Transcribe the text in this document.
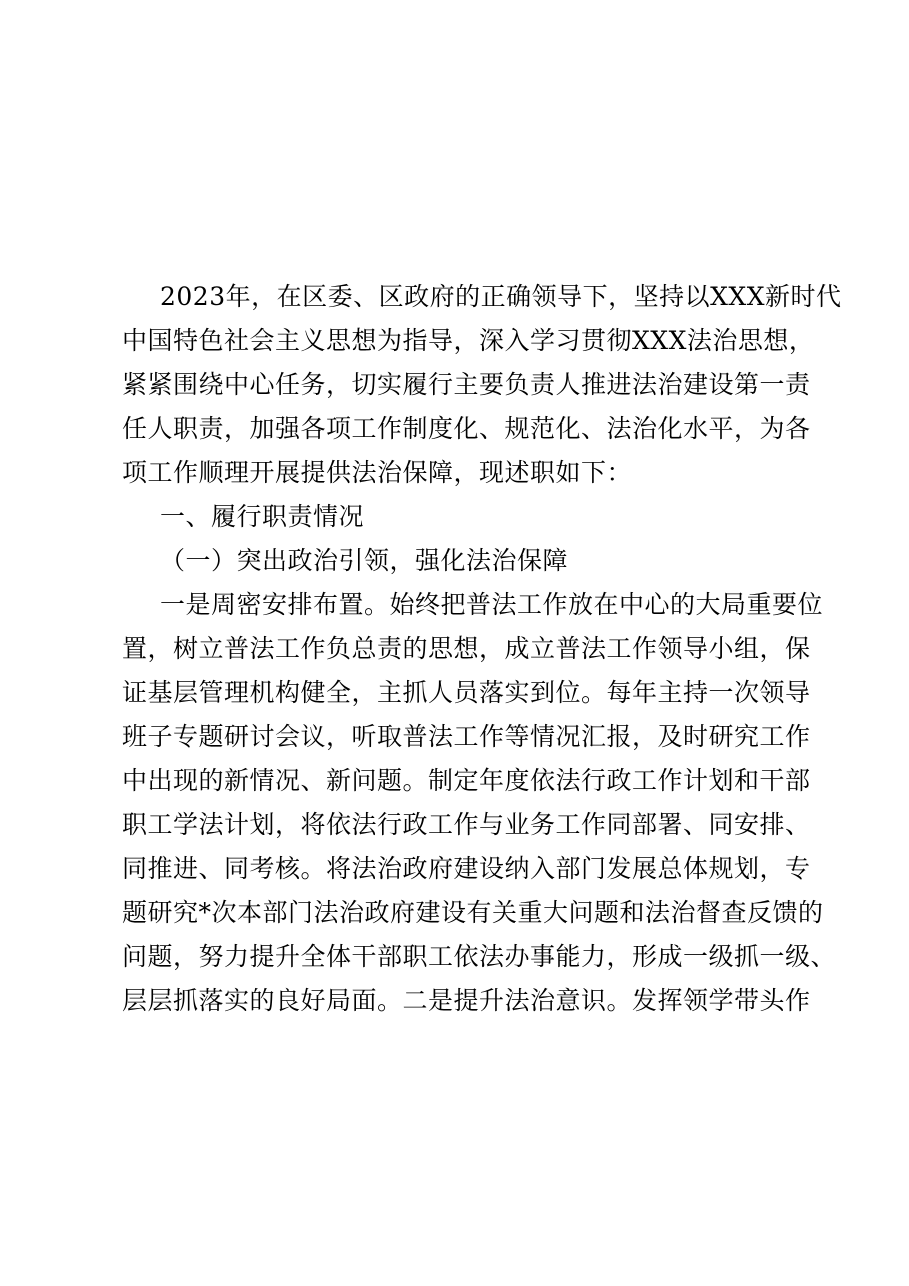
2023年，在区委、区政府的正确领导下，坚持以XXX新时代
中国特色社会主义思想为指导，深入学习贯彻XXX法治思想，
紧紧围绕中心任务，切实履行主要负责人推进法治建设第一责
任人职责，加强各项工作制度化、规范化、法治化水平，为各
项工作顺理开展提供法治保障，现述职如下：
一、履行职责情况
（一）突出政治引领，强化法治保障
一是周密安排布置。始终把普法工作放在中心的大局重要位
置，树立普法工作负总责的思想，成立普法工作领导小组，保
证基层管理机构健全，主抓人员落实到位。每年主持一次领导
班子专题研讨会议，听取普法工作等情况汇报，及时研究工作
中出现的新情况、新问题。制定年度依法行政工作计划和干部
职工学法计划，将依法行政工作与业务工作同部署、同安排、
同推进、同考核。将法治政府建设纳入部门发展总体规划，专
题研究*次本部门法治政府建设有关重大问题和法治督查反馈的
问题，努力提升全体干部职工依法办事能力，形成一级抓一级、
层层抓落实的良好局面。二是提升法治意识。发挥领学带头作
